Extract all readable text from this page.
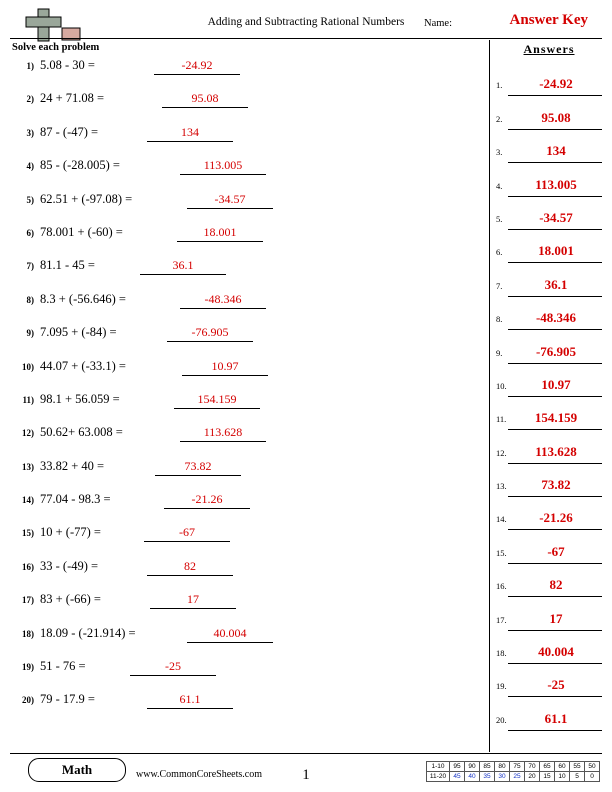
Adding and Subtracting Rational Numbers	Name:	Answer Key
Solve each problem
1) 5.08 - 30 =	-24.92
2) 24 + 71.08 =	95.08
3) 87 - (-47) =	134
4) 85 - (-28.005) =	113.005
5) 62.51 + (-97.08) =	-34.57
6) 78.001 + (-60) =	18.001
7) 81.1 - 45 =	36.1
8) 8.3 + (-56.646) =	-48.346
9) 7.095 + (-84) =	-76.905
10) 44.07 + (-33.1) =	10.97
11) 98.1 + 56.059 =	154.159
12) 50.62+ 63.008 =	113.628
13) 33.82 + 40 =	73.82
14) 77.04 - 98.3 =	-21.26
15) 10 + (-77) =	-67
16) 33 - (-49) =	82
17) 83 + (-66) =	17
18) 18.09 - (-21.914) =	40.004
19) 51 - 76 =	-25
20) 79 - 17.9 =	61.1
Answers
1.	-24.92
2.	95.08
3.	134
4.	113.005
5.	-34.57
6.	18.001
7.	36.1
8.	-48.346
9.	-76.905
10.	10.97
11.	154.159
12.	113.628
13.	73.82
14.	-21.26
15.	-67
16.	82
17.	17
18.	40.004
19.	-25
20.	61.1
Math	www.CommonCoreSheets.com	1
1-10	95	90	85	80	75	70	65	60	55	50
11-20	45	40	35	30	25	20	15	10	5	0
